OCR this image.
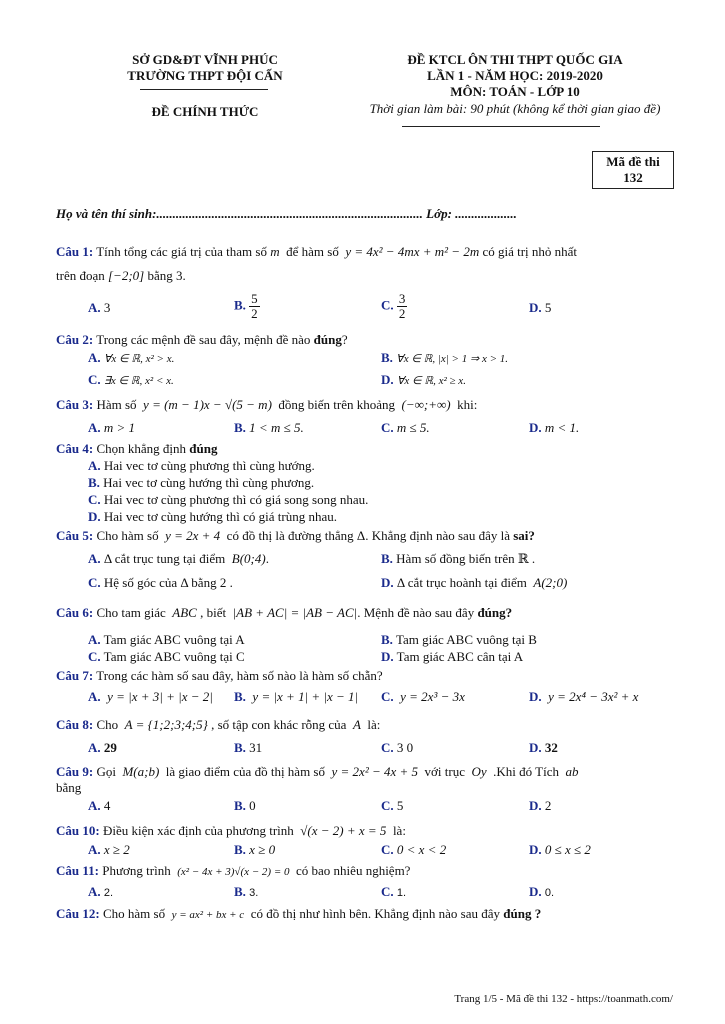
SỞ GD&ĐT VĨNH PHÚC
TRƯỜNG THPT ĐỘI CẤN
ĐỀ CHÍNH THỨC
ĐỀ KTCL ÔN THI THPT QUỐC GIA
LẦN 1 - NĂM HỌC: 2019-2020
MÔN: TOÁN - LỚP 10
Thời gian làm bài: 90 phút (không kể thời gian giao đề)
Mã đề thi
132
Họ và tên thí sinh:.................................................................................. Lớp: ...................
Câu 1: Tính tổng các giá trị của tham số m để hàm số y = 4x² − 4mx + m² − 2m có giá trị nhỏ nhất
trên đoạn [−2;0] bằng 3.
A. 3	B. $\frac{5}{2}$	C. $\frac{3}{2}$	D. 5
Câu 2: Trong các mệnh đề sau đây, mệnh đề nào đúng?
A. ∀x ∈ ℝ, x² > x.	B. ∀x ∈ ℝ, |x| > 1 ⇒ x > 1.
C. ∃x ∈ ℝ, x² < x.	D. ∀x ∈ ℝ, x² ≥ x.
Câu 3: Hàm số y = (m − 1)x − √(5 − m) đồng biến trên khoảng (−∞;+∞) khi:
A. m > 1	B. 1 < m ≤ 5.	C. m ≤ 5.	D. m < 1.
Câu 4: Chọn khẳng định đúng
A. Hai vec tơ cùng phương thì cùng hướng.
B. Hai vec tơ cùng hướng thì cùng phương.
C. Hai vec tơ cùng phương thì có giá song song nhau.
D. Hai vec tơ cùng hướng thì có giá trùng nhau.
Câu 5: Cho hàm số y = 2x + 4 có đồ thị là đường thẳng Δ. Khẳng định nào sau đây là sai?
A. Δ cắt trục tung tại điểm B(0;4).	B. Hàm số đồng biến trên ℝ .
C. Hệ số góc của Δ bằng 2 .	D. Δ cắt trục hoành tại điểm A(2;0)
Câu 6: Cho tam giác ABC , biết |AB + AC| = |AB − AC|. Mệnh đề nào sau đây đúng?
A. Tam giác ABC vuông tại A	B. Tam giác ABC vuông tại B
C. Tam giác ABC vuông tại C	D. Tam giác ABC cân tại A
Câu 7: Trong các hàm số sau đây, hàm số nào là hàm số chẵn?
A. y = |x + 3| + |x − 2| B. y = |x + 1| + |x − 1| C. y = 2x³ − 3x	D. y = 2x⁴ − 3x² + x
Câu 8: Cho A = {1;2;3;4;5} , số tập con khác rỗng của A là:
A. 29	B. 31	C. 3 0	D. 32
Câu 9: Gọi M(a;b) là giao điểm của đồ thị hàm số y = 2x² − 4x + 5 với trục Oy .Khi đó Tích ab
bằng
A. 4	B. 0	C. 5	D. 2
Câu 10: Điều kiện xác định của phương trình √(x − 2) + x = 5 là:
A. x ≥ 2	B. x ≥ 0	C. 0 < x < 2	D. 0 ≤ x ≤ 2
Câu 11: Phương trình (x² − 4x + 3)√(x − 2) = 0 có bao nhiêu nghiệm?
A. 2.	B. 3.	C. 1.	D. 0.
Câu 12: Cho hàm số y = ax² + bx + c có đồ thị như hình bên. Khẳng định nào sau đây đúng ?
Trang 1/5 - Mã đề thi 132 - https://toanmath.com/
